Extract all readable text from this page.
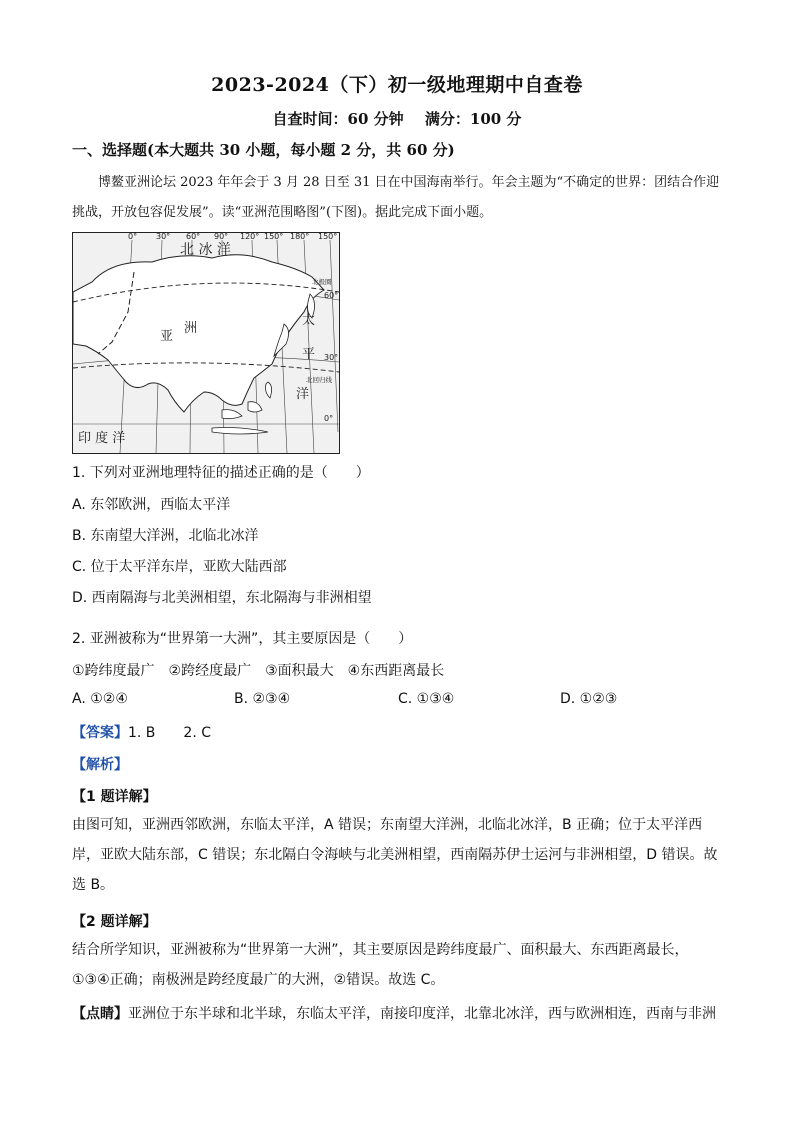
2023-2024（下）初一级地理期中自查卷
自查时间：60 分钟 满分：100 分
一、选择题(本大题共 30 小题，每小题 2 分，共 60 分)
博鳌亚洲论坛 2023 年年会于 3 月 28 日至 31 日在中国海南举行。年会主题为“不确定的世界：团结合作迎挑战，开放包容促发展”。读“亚洲范围略图”(下图)。据此完成下面小题。
0° 30° 60° 90° 120° 150° 180° 150°
60°
30°
0°
北 冰 洋
亚
洲
太
平
洋
印 度 洋
北极圈
北回归线
1. 下列对亚洲地理特征的描述正确的是（　　）
A. 东邻欧洲，西临太平洋
B. 东南望大洋洲，北临北冰洋
C. 位于太平洋东岸，亚欧大陆西部
D. 西南隔海与北美洲相望，东北隔海与非洲相望
2. 亚洲被称为“世界第一大洲”，其主要原因是（　　）
①跨纬度最广　②跨经度最广　③面积最大　④东西距离最长
A. ①②④	B. ②③④	C. ①③④	D. ①②③
【答案】1. B　　2. C
【解析】
【1 题详解】
由图可知，亚洲西邻欧洲，东临太平洋，A 错误；东南望大洋洲，北临北冰洋，B 正确；位于太平洋西岸，亚欧大陆东部，C 错误；东北隔白令海峡与北美洲相望，西南隔苏伊士运河与非洲相望，D 错误。故选 B。
【2 题详解】
结合所学知识，亚洲被称为“世界第一大洲”，其主要原因是跨纬度最广、面积最大、东西距离最长，①③④正确；南极洲是跨经度最广的大洲，②错误。故选 C。
【点睛】亚洲位于东半球和北半球，东临太平洋，南接印度洋，北靠北冰洋，西与欧洲相连，西南与非洲
